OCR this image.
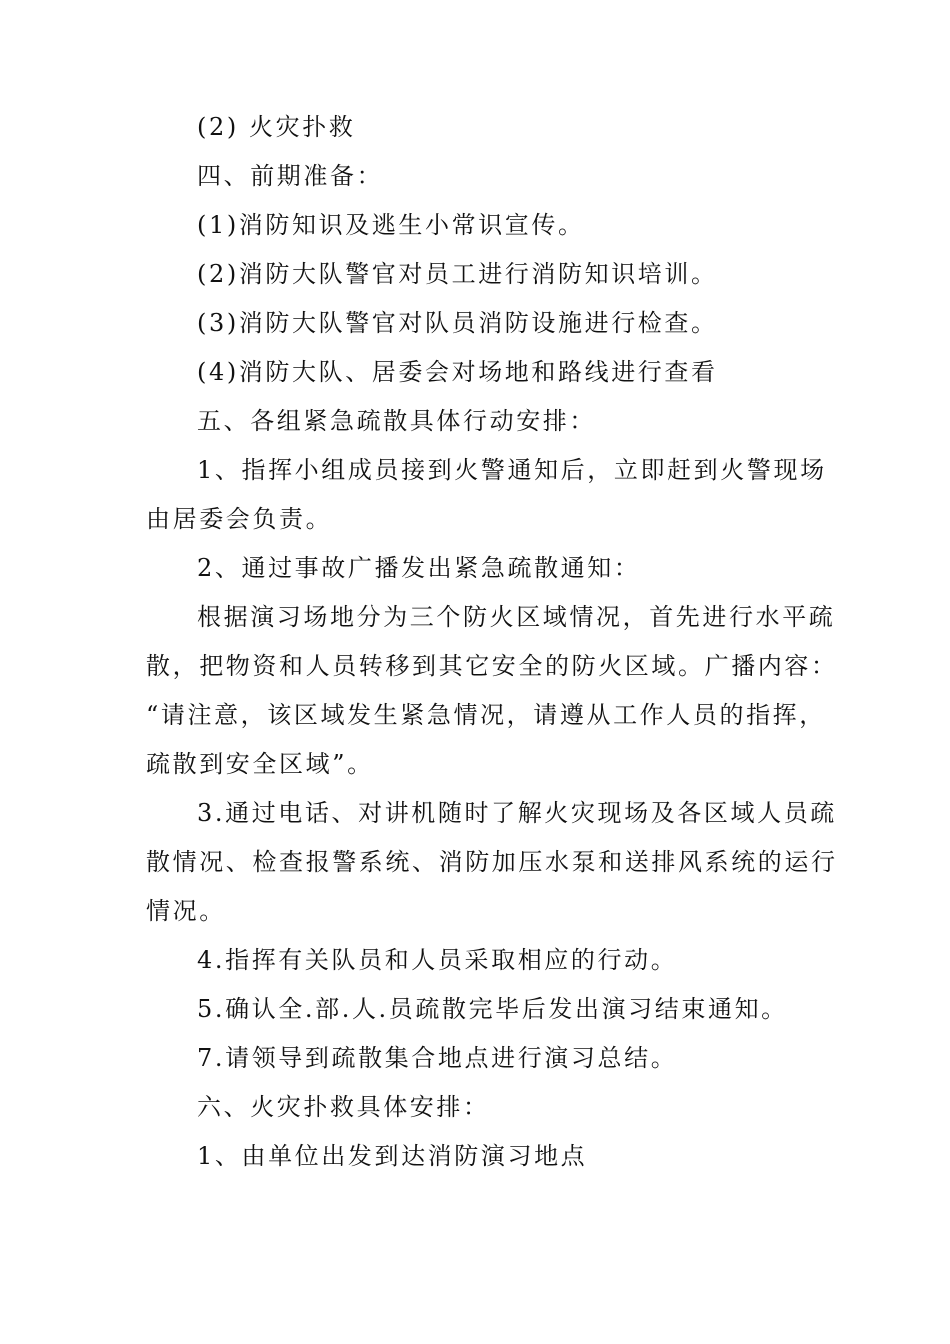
(2) 火灾扑救
四、前期准备：
(1)消防知识及逃生小常识宣传。
(2)消防大队警官对员工进行消防知识培训。
(3)消防大队警官对队员消防设施进行检查。
(4)消防大队、居委会对场地和路线进行查看
五、各组紧急疏散具体行动安排：
1、指挥小组成员接到火警通知后，立即赶到火警现场
由居委会负责。
2、通过事故广播发出紧急疏散通知：
根据演习场地分为三个防火区域情况，首先进行水平疏
散，把物资和人员转移到其它安全的防火区域。广播内容：
“请注意，该区域发生紧急情况，请遵从工作人员的指挥，
疏散到安全区域”。
3.通过电话、对讲机随时了解火灾现场及各区域人员疏
散情况、检查报警系统、消防加压水泵和送排风系统的运行
情况。
4.指挥有关队员和人员采取相应的行动。
5.确认全.部.人.员疏散完毕后发出演习结束通知。
7.请领导到疏散集合地点进行演习总结。
六、火灾扑救具体安排：
1、由单位出发到达消防演习地点
